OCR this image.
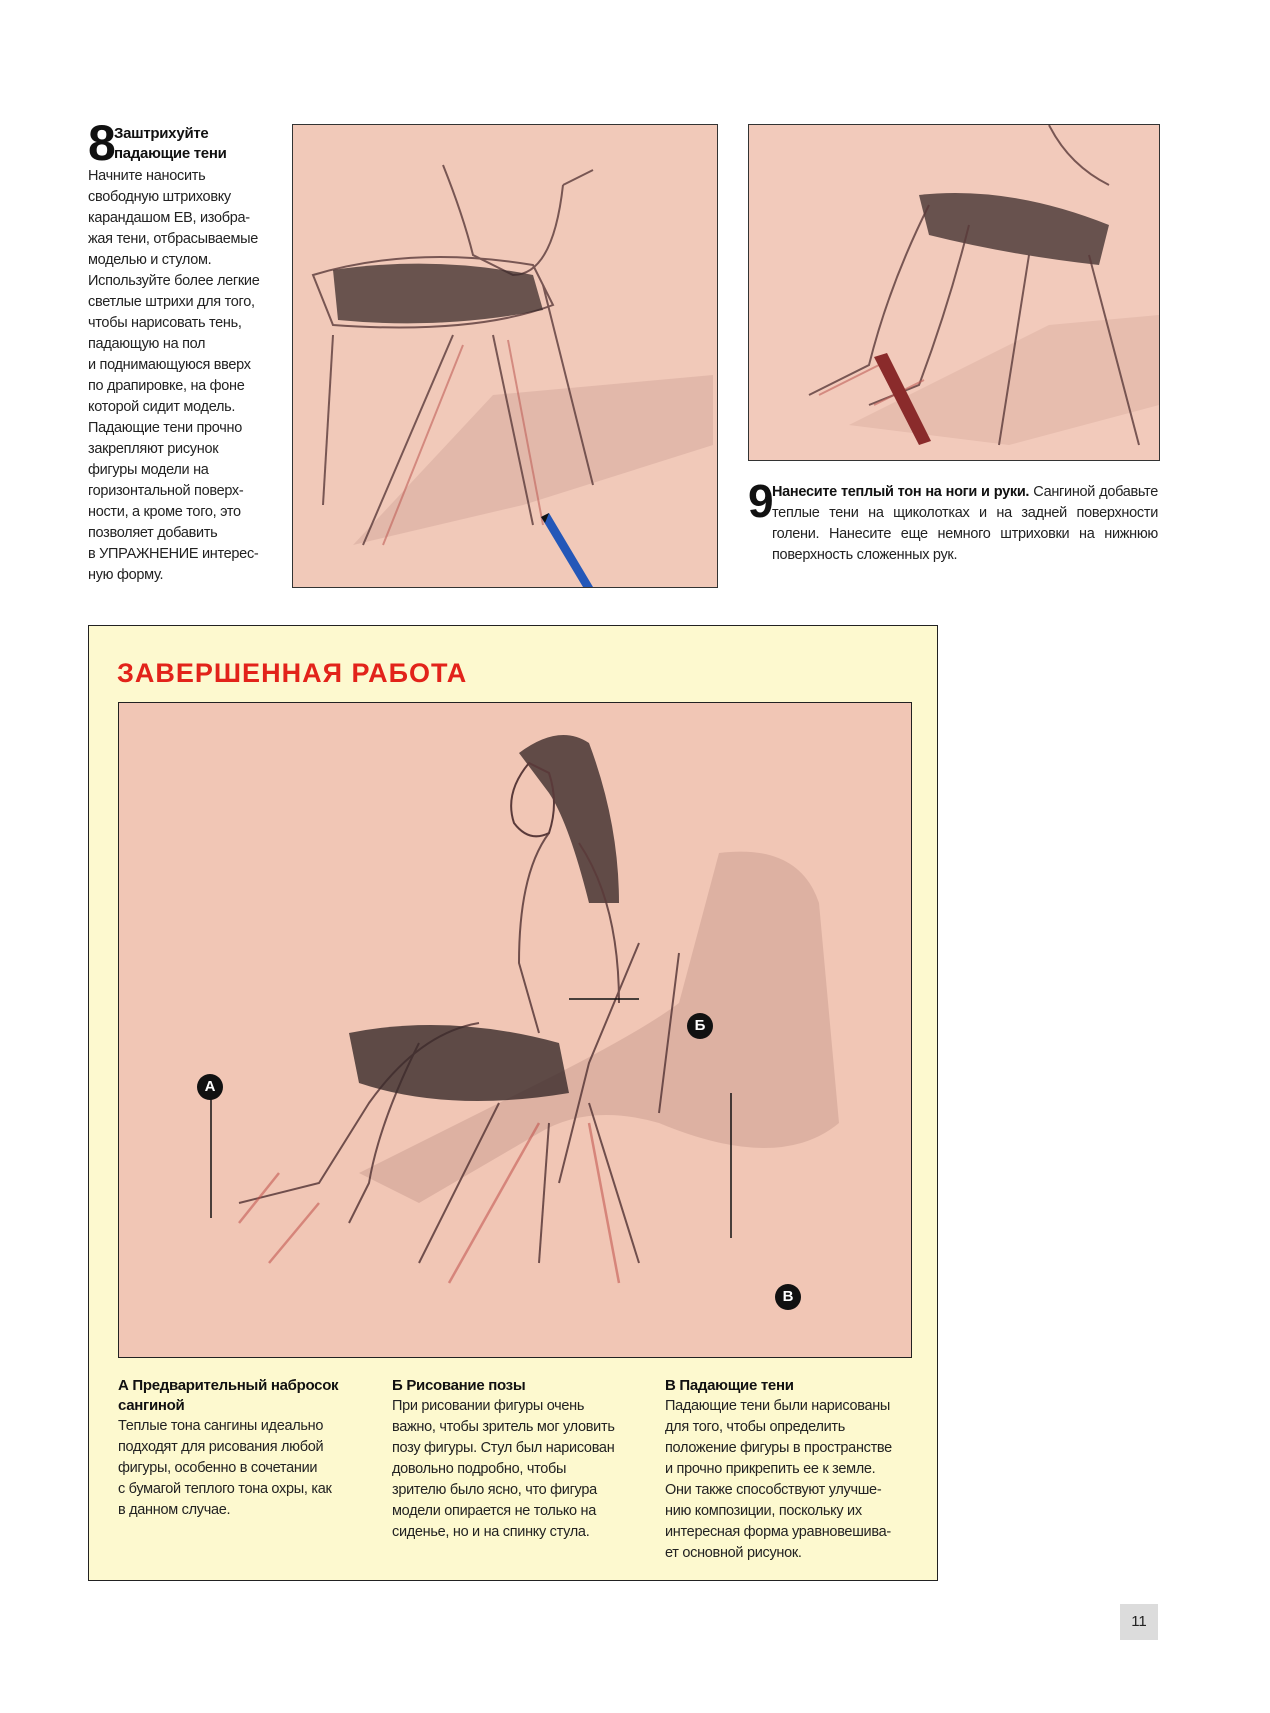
8
Заштрихуйте
падающие тени
Начните наносить
свободную штриховку
карандашом ЕВ, изобра-
жая тени, отбрасываемые
моделью и стулом.
Используйте более легкие
светлые штрихи для того,
чтобы нарисовать тень,
падающую на пол
и поднимающуюся вверх
по драпировке, на фоне
которой сидит модель.
Падающие тени прочно
закрепляют рисунок
фигуры модели на
горизонтальной поверх-
ности, а кроме того, это
позволяет добавить
в УПРАЖНЕНИЕ интерес-
ную форму.
9
Нанесите теплый тон на ноги и руки. Сангиной добавьте теплые тени на щиколотках и на задней поверхности голени. Нанесите еще немного штриховки на нижнюю поверхность сложенных рук.
ЗАВЕРШЕННАЯ РАБОТА
А
Б
В
А Предварительный набросок сангиной
Теплые тона сангины идеально
подходят для рисования любой
фигуры, особенно в сочетании
с бумагой теплого тона охры, как
в данном случае.
Б Рисование позы
При рисовании фигуры очень
важно, чтобы зритель мог уловить
позу фигуры. Стул был нарисован
довольно подробно, чтобы
зрителю было ясно, что фигура
модели опирается не только на
сиденье, но и на спинку стула.
В Падающие тени
Падающие тени были нарисованы
для того, чтобы определить
положение фигуры в пространстве
и прочно прикрепить ее к земле.
Они также способствуют улучше-
нию композиции, поскольку их
интересная форма уравновешива-
ет основной рисунок.
11
